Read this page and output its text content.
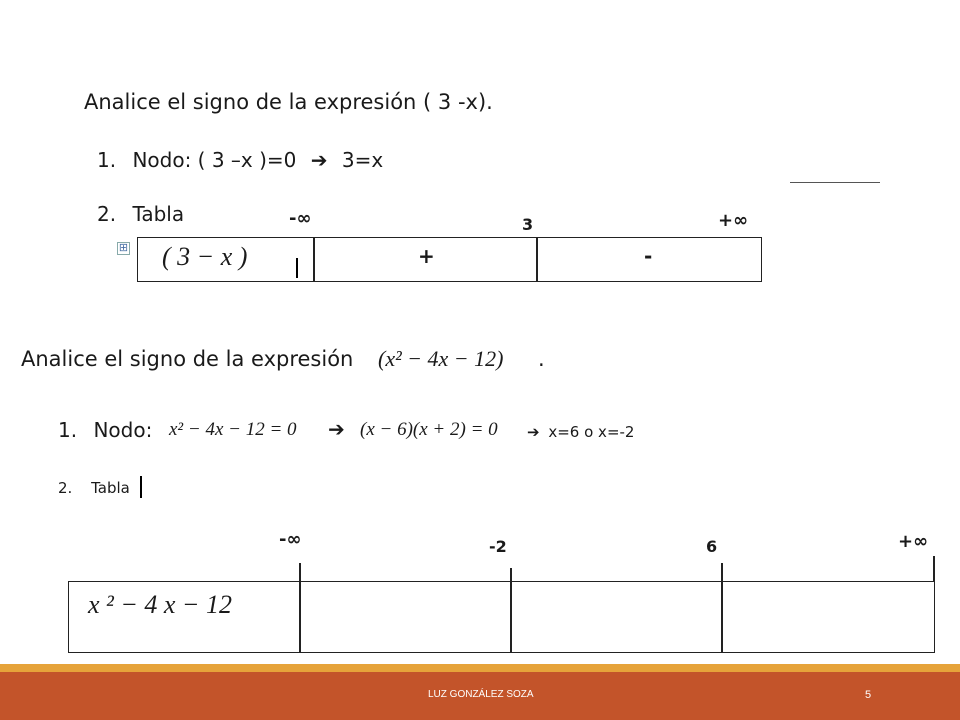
Analice el signo de la expresión ( 3 -x).
1. Nodo: ( 3 –x )=0 ➔ 3=x
2. Tabla	-∞	3	+∞
⊞ ( 3 − x )	+	-
Analice el signo de la expresión (x² − 4x − 12) .
1. Nodo: x² − 4x − 12 = 0 ➔ (x − 6)(x + 2) = 0 ➔ x=6 o x=-2
2. Tabla
-∞	-2	6	+∞
x ² − 4 x − 12
LUZ GONZÁLEZ SOZA	5
